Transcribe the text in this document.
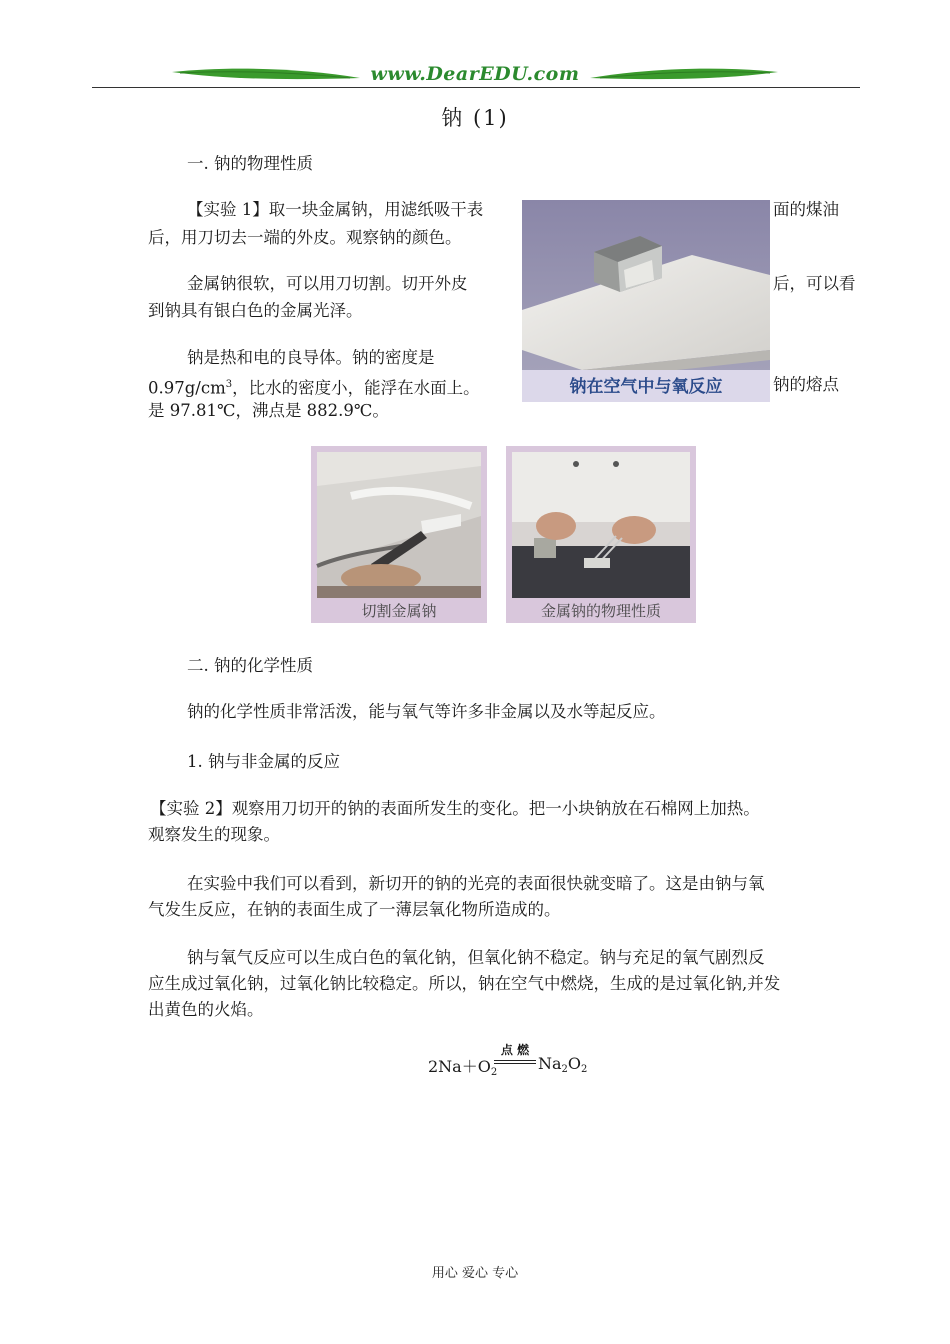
www.DearEDU.com
钠 (1)
一. 钠的物理性质
【实验 1】取一块金属钠，用滤纸吸干表	面的煤油
后，用刀切去一端的外皮。观察钠的颜色。
金属钠很软，可以用刀切割。切开外皮	后，可以看
到钠具有银白色的金属光泽。
钠是热和电的良导体。钠的密度是
$0.97g/cm^3$，比水的密度小，能浮在水面上。	钠的熔点
是 97.81℃，沸点是 882.9℃。
钠在空气中与氧反应
切割金属钠	金属钠的物理性质
二. 钠的化学性质
钠的化学性质非常活泼，能与氧气等许多非金属以及水等起反应。
1. 钠与非金属的反应
【实验 2】观察用刀切开的钠的表面所发生的变化。把一小块钠放在石棉网上加热。
观察发生的现象。
在实验中我们可以看到，新切开的钠的光亮的表面很快就变暗了。这是由钠与氧
气发生反应，在钠的表面生成了一薄层氧化物所造成的。
钠与氧气反应可以生成白色的氧化钠，但氧化钠不稳定。钠与充足的氧气剧烈反
应生成过氧化钠，过氧化钠比较稳定。所以，钠在空气中燃烧，生成的是过氧化钠,并发
出黄色的火焰。
$2Na+O_2$
点 燃
$Na_2O_2$
用心 爱心 专心
